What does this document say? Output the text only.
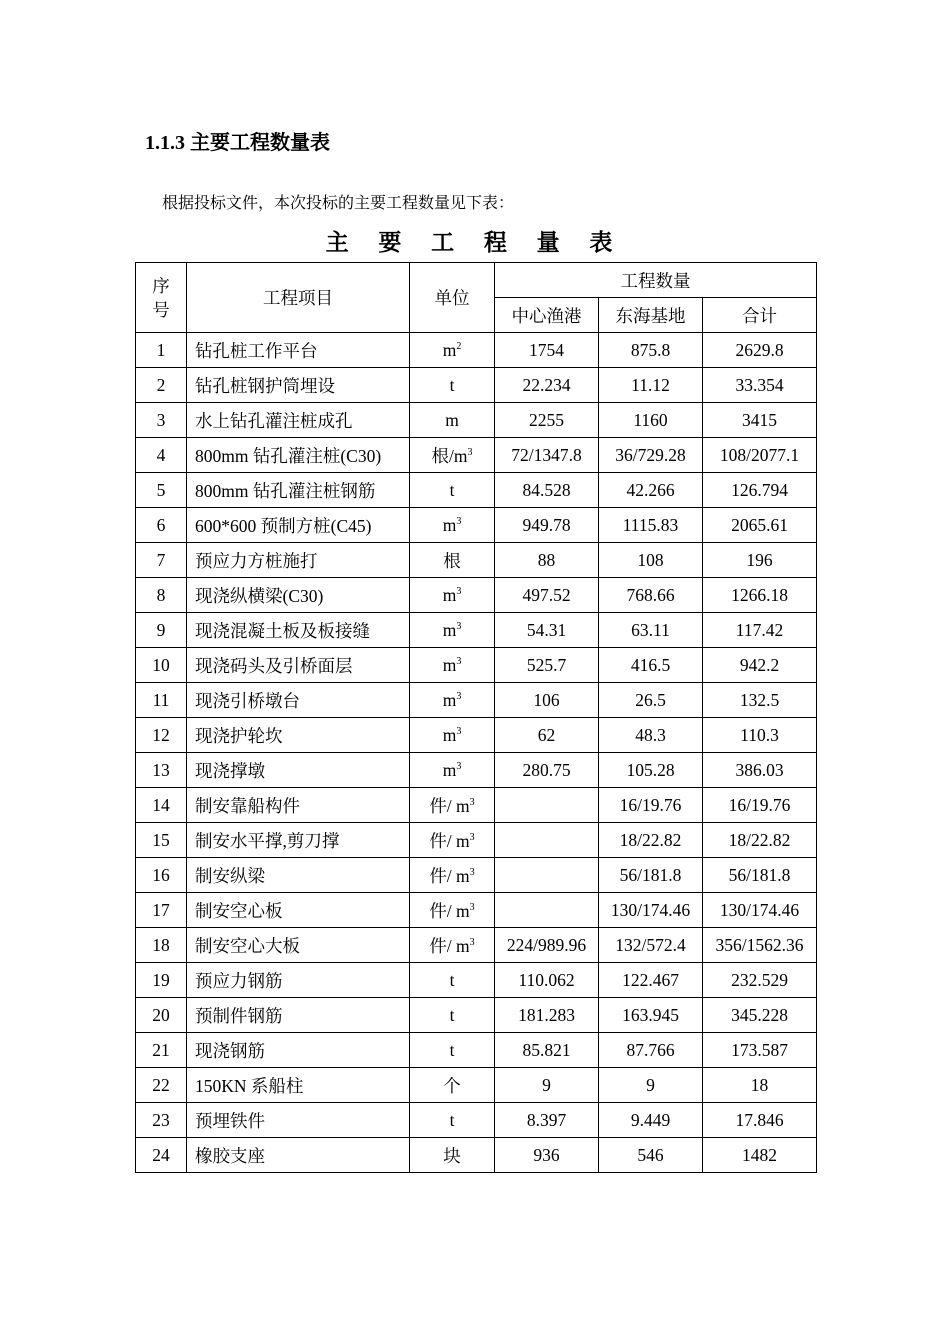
1.1.3 主要工程数量表
根据投标文件，本次投标的主要工程数量见下表：
主 要 工 程 量 表
序
号	工程项目	单位	工程数量		
			中心渔港	东海基地	合计
1	钻孔桩工作平台	$m^2$	1754	875.8	2629.8
2	钻孔桩钢护筒埋设	t	22.234	11.12	33.354
3	水上钻孔灌注桩成孔	m	2255	1160	3415
4	800mm 钻孔灌注桩(C30)	根$/m^3$	72/1347.8	36/729.28	108/2077.1
5	800mm 钻孔灌注桩钢筋	t	84.528	42.266	126.794
6	600*600 预制方桩(C45)	$m^3$	949.78	1115.83	2065.61
7	预应力方桩施打	根	88	108	196
8	现浇纵横梁(C30)	$m^3$	497.52	768.66	1266.18
9	现浇混凝土板及板接缝	$m^3$	54.31	63.11	117.42
10	现浇码头及引桥面层	$m^3$	525.7	416.5	942.2
11	现浇引桥墩台	$m^3$	106	26.5	132.5
12	现浇护轮坎	$m^3$	62	48.3	110.3
13	现浇撑墩	$m^3$	280.75	105.28	386.03
14	制安靠船构件	件/ $m^3$		16/19.76	16/19.76
15	制安水平撑,剪刀撑	件/ $m^3$		18/22.82	18/22.82
16	制安纵梁	件/ $m^3$		56/181.8	56/181.8
17	制安空心板	件/ $m^3$		130/174.46	130/174.46
18	制安空心大板	件/ $m^3$	224/989.96	132/572.4	356/1562.36
19	预应力钢筋	t	110.062	122.467	232.529
20	预制件钢筋	t	181.283	163.945	345.228
21	现浇钢筋	t	85.821	87.766	173.587
22	150KN 系船柱	个	9	9	18
23	预埋铁件	t	8.397	9.449	17.846
24	橡胶支座	块	936	546	1482
